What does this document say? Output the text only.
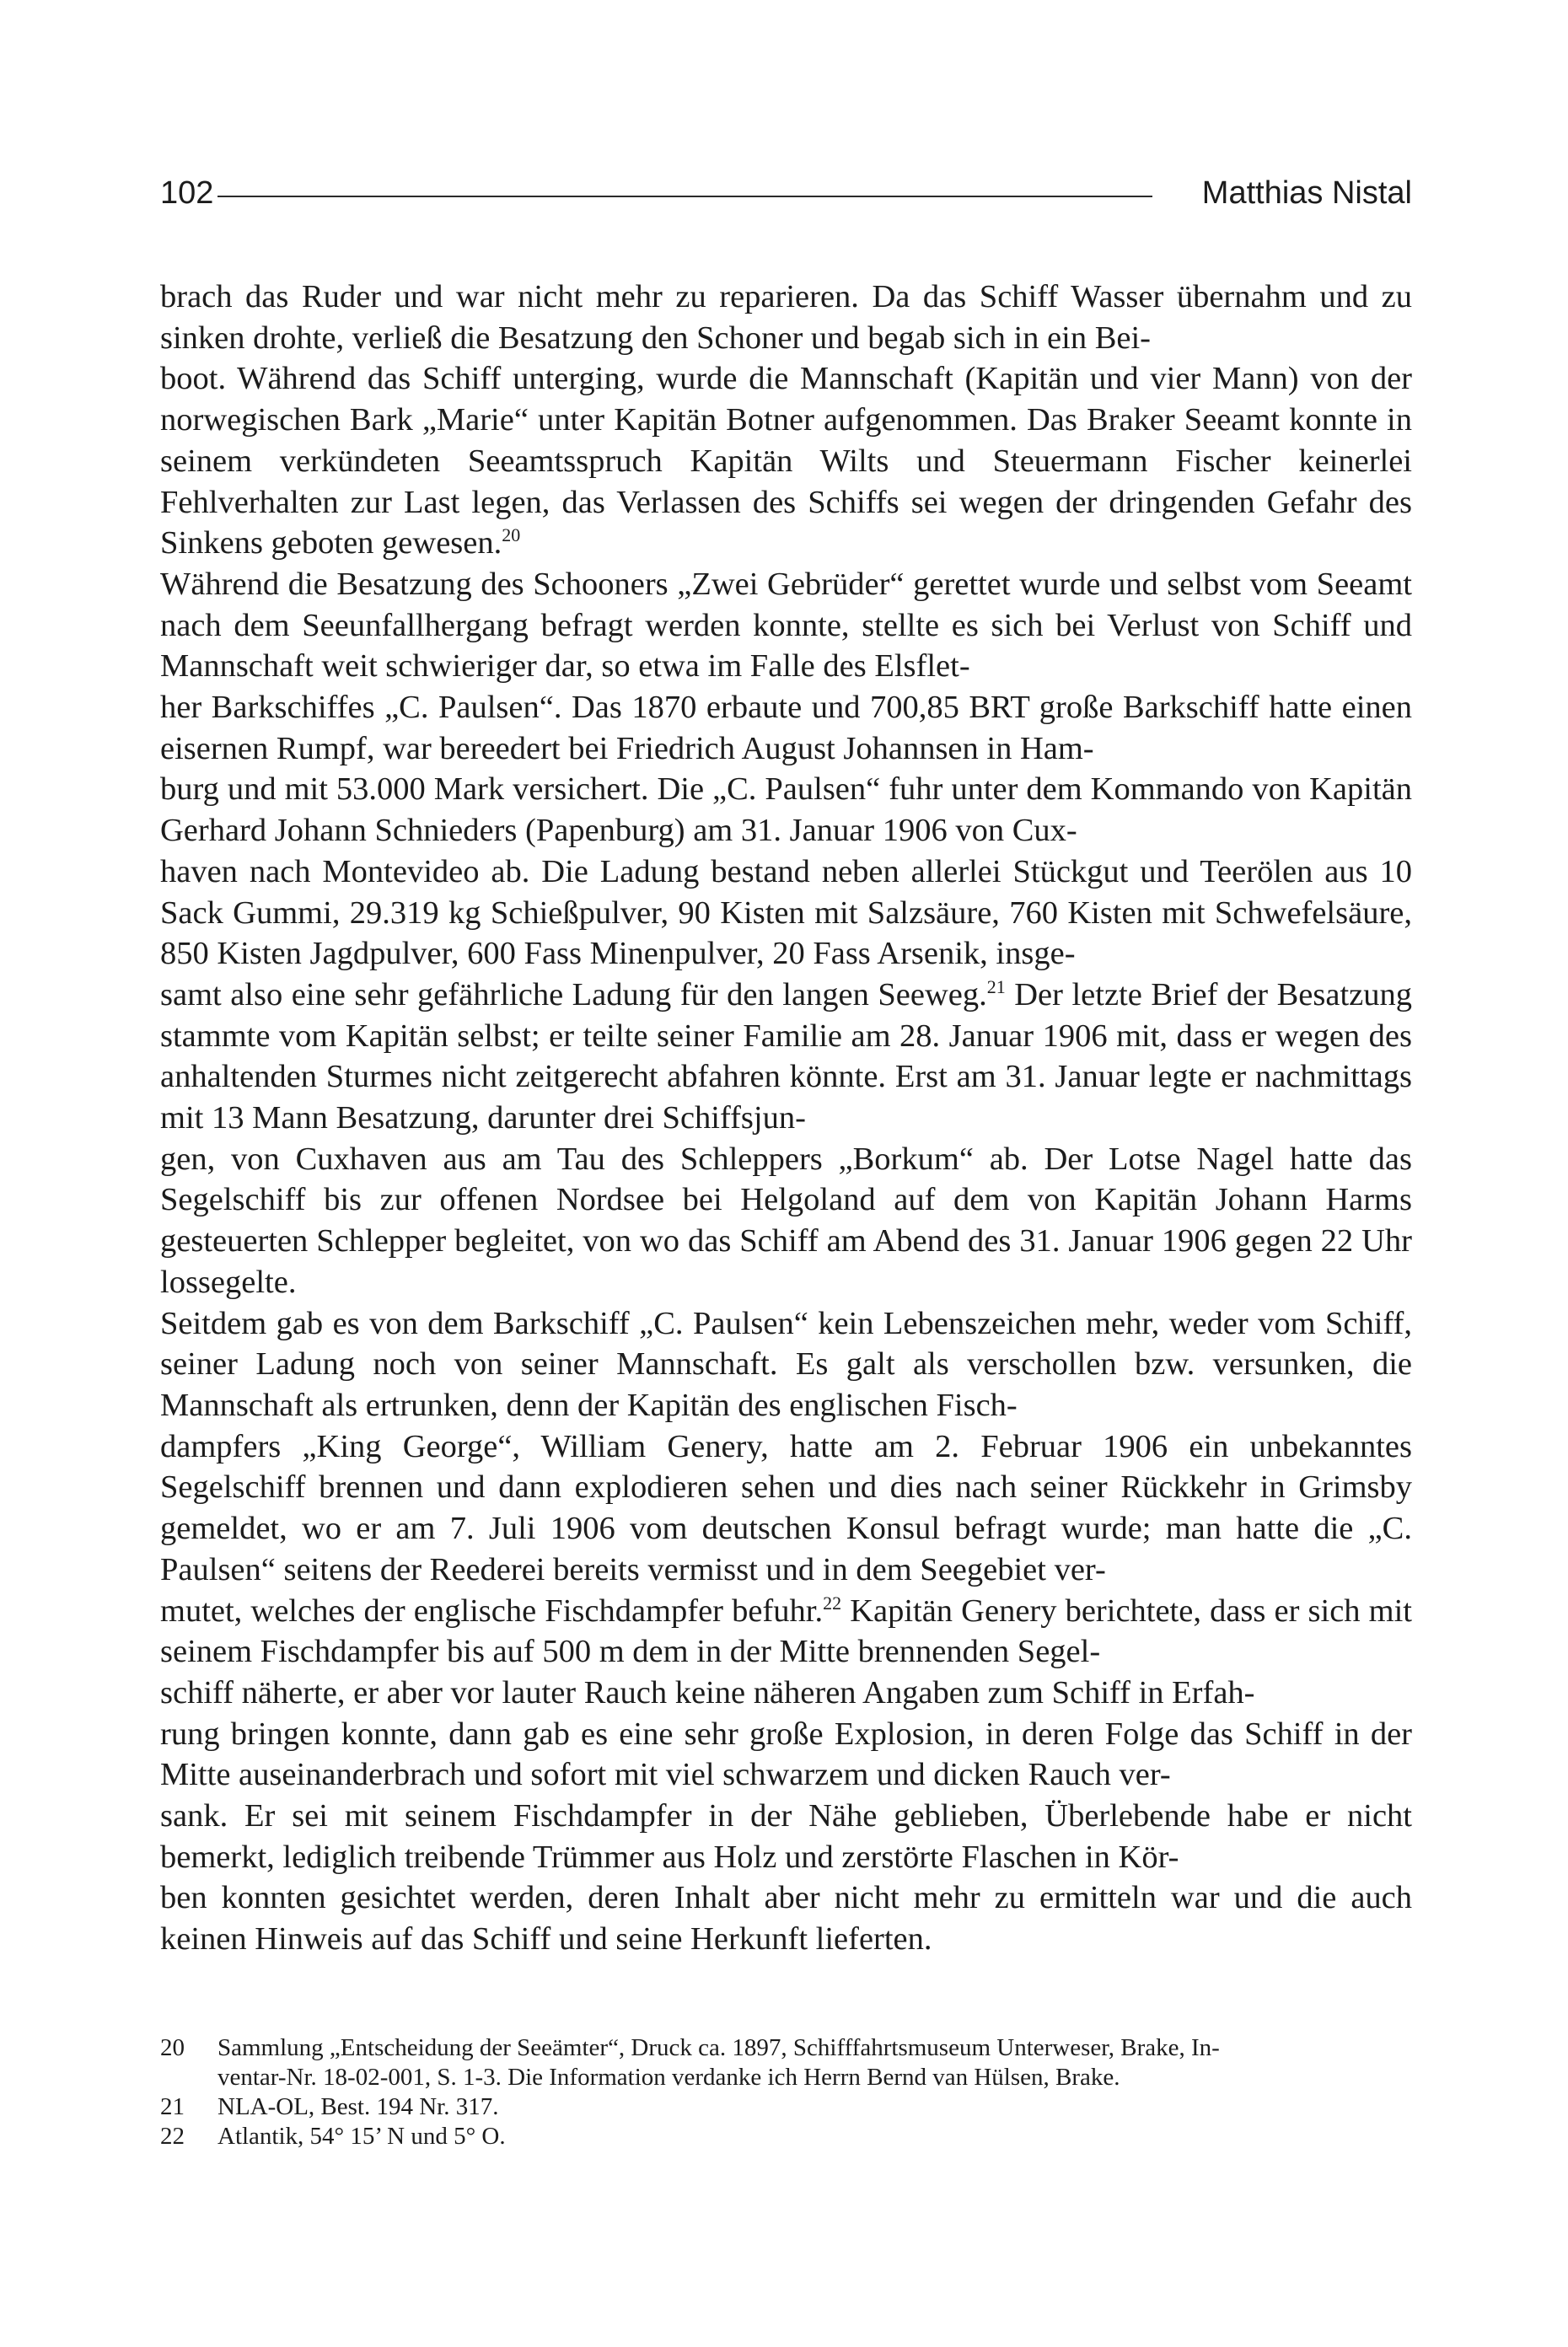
102	Matthias Nistal

brach das Ruder und war nicht mehr zu reparieren. Da das Schiff Wasser übernahm und zu sinken drohte, verließ die Besatzung den Schoner und begab sich in ein Bei-
boot. Während das Schiff unterging, wurde die Mannschaft (Kapitän und vier Mann) von der norwegischen Bark „Marie“ unter Kapitän Botner aufgenommen. Das Braker Seeamt konnte in seinem verkündeten Seeamtsspruch Kapitän Wilts und Steuermann Fischer keinerlei Fehlverhalten zur Last legen, das Verlassen des Schiffs sei wegen der dringenden Gefahr des Sinkens geboten gewesen.$^{20}$

Während die Besatzung des Schooners „Zwei Gebrüder“ gerettet wurde und selbst vom Seeamt nach dem Seeunfallhergang befragt werden konnte, stellte es sich bei Verlust von Schiff und Mannschaft weit schwieriger dar, so etwa im Falle des Elsflet-
her Barkschiffes „C. Paulsen“. Das 1870 erbaute und 700,85 BRT große Barkschiff hatte einen eisernen Rumpf, war bereedert bei Friedrich August Johannsen in Ham-
burg und mit 53.000 Mark versichert. Die „C. Paulsen“ fuhr unter dem Kommando von Kapitän Gerhard Johann Schnieders (Papenburg) am 31. Januar 1906 von Cux-
haven nach Montevideo ab. Die Ladung bestand neben allerlei Stückgut und Teerölen aus 10 Sack Gummi, 29.319 kg Schießpulver, 90 Kisten mit Salzsäure, 760 Kisten mit Schwefelsäure, 850 Kisten Jagdpulver, 600 Fass Minenpulver, 20 Fass Arsenik, insge-
samt also eine sehr gefährliche Ladung für den langen Seeweg.$^{21}$ Der letzte Brief der Besatzung stammte vom Kapitän selbst; er teilte seiner Familie am 28. Januar 1906 mit, dass er wegen des anhaltenden Sturmes nicht zeitgerecht abfahren könnte. Erst am 31. Januar legte er nachmittags mit 13 Mann Besatzung, darunter drei Schiffsjun-
gen, von Cuxhaven aus am Tau des Schleppers „Borkum“ ab. Der Lotse Nagel hatte das Segelschiff bis zur offenen Nordsee bei Helgoland auf dem von Kapitän Johann Harms gesteuerten Schlepper begleitet, von wo das Schiff am Abend des 31. Januar 1906 gegen 22 Uhr lossegelte.

Seitdem gab es von dem Barkschiff „C. Paulsen“ kein Lebenszeichen mehr, weder vom Schiff, seiner Ladung noch von seiner Mannschaft. Es galt als verschollen bzw. versunken, die Mannschaft als ertrunken, denn der Kapitän des englischen Fisch-
dampfers „King George“, William Genery, hatte am 2. Februar 1906 ein unbekanntes Segelschiff brennen und dann explodieren sehen und dies nach seiner Rückkehr in Grimsby gemeldet, wo er am 7. Juli 1906 vom deutschen Konsul befragt wurde; man hatte die „C. Paulsen“ seitens der Reederei bereits vermisst und in dem Seegebiet ver-
mutet, welches der englische Fischdampfer befuhr.$^{22}$ Kapitän Genery berichtete, dass er sich mit seinem Fischdampfer bis auf 500 m dem in der Mitte brennenden Segel-
schiff näherte, er aber vor lauter Rauch keine näheren Angaben zum Schiff in Erfah-
rung bringen konnte, dann gab es eine sehr große Explosion, in deren Folge das Schiff in der Mitte auseinanderbrach und sofort mit viel schwarzem und dicken Rauch ver-
sank. Er sei mit seinem Fischdampfer in der Nähe geblieben, Überlebende habe er nicht bemerkt, lediglich treibende Trümmer aus Holz und zerstörte Flaschen in Kör-
ben konnten gesichtet werden, deren Inhalt aber nicht mehr zu ermitteln war und die auch keinen Hinweis auf das Schiff und seine Herkunft lieferten.

20 Sammlung „Entscheidung der Seeämter“, Druck ca. 1897, Schifffahrtsmuseum Unterweser, Brake, In-
ventar-Nr. 18-02-001, S. 1-3. Die Information verdanke ich Herrn Bernd van Hülsen, Brake.

21 NLA-OL, Best. 194 Nr. 317.

22 Atlantik, 54° 15’ N und 5° O.
